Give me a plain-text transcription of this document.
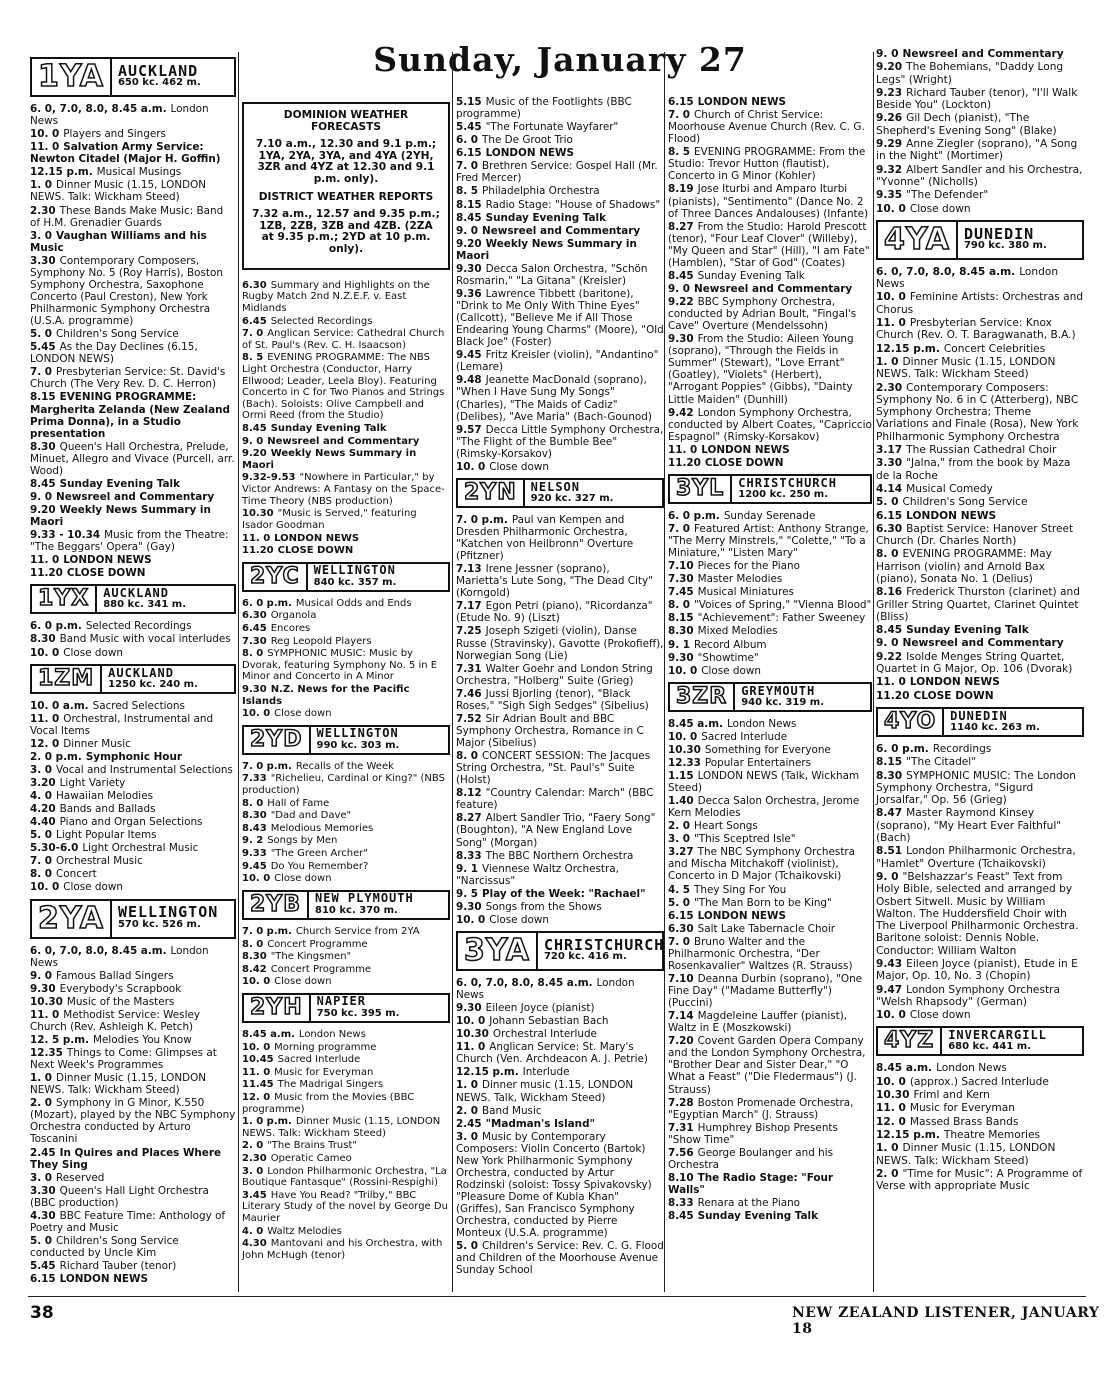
Sunday, January 27
1YA AUCKLAND
650 kc. 462 m.
6. 0, 7.0, 8.0, 8.45 a.m. London News
10. 0 Players and Singers
11. 0 Salvation Army Service: Newton Citadel (Major H. Goffin)
12.15 p.m. Musical Musings
1. 0 Dinner Music (1.15, LONDON NEWS. Talk: Wickham Steed)
2.30 These Bands Make Music: Band of H.M. Grenadier Guards
3. 0 Vaughan Williams and his Music
3.30 Contemporary Composers, Symphony No. 5 (Roy Harris), Boston Symphony Orchestra, Saxophone Concerto (Paul Creston), New York Philharmonic Symphony Orchestra (U.S.A. programme)
5. 0 Children's Song Service
5.45 As the Day Declines (6.15, LONDON NEWS)
7. 0 Presbyterian Service: St. David's Church (The Very Rev. D. C. Herron)
8.15 EVENING PROGRAMME: Margherita Zelanda (New Zealand Prima Donna), in a Studio presentation
8.30 Queen's Hall Orchestra, Prelude, Minuet, Allegro and Vivace (Purcell, arr. Wood)
8.45 Sunday Evening Talk
9. 0 Newsreel and Commentary
9.20 Weekly News Summary in Maori
9.33 - 10.34 Music from the Theatre: "The Beggars' Opera" (Gay)
11. 0 LONDON NEWS
11.20 CLOSE DOWN
1YX	AUCKLAND
880 kc. 341 m.
6. 0 p.m. Selected Recordings
8.30 Band Music with vocal interludes
10. 0 Close down
1ZM	AUCKLAND
1250 kc. 240 m.
10. 0 a.m. Sacred Selections
11. 0 Orchestral, Instrumental and Vocal Items
12. 0 Dinner Music
2. 0 p.m. Symphonic Hour
3. 0 Vocal and Instrumental Selections
3.20 Light Variety
4. 0 Hawaiian Melodies
4.20 Bands and Ballads
4.40 Piano and Organ Selections
5. 0 Light Popular Items
5.30-6.0 Light Orchestral Music
7. 0 Orchestral Music
8. 0 Concert
10. 0 Close down
2YA WELLINGTON
570 kc. 526 m.
6. 0, 7.0, 8.0, 8.45 a.m. London News
9. 0 Famous Ballad Singers
9.30 Everybody's Scrapbook
10.30 Music of the Masters
11. 0 Methodist Service: Wesley Church (Rev. Ashleigh K. Petch)
12. 5 p.m. Melodies You Know
12.35 Things to Come: Glimpses at Next Week's Programmes
1. 0 Dinner Music (1.15, LONDON NEWS. Talk: Wickham Steed)
2. 0 Symphony in G Minor, K.550 (Mozart), played by the NBC Symphony Orchestra conducted by Arturo Toscanini
2.45 In Quires and Places Where They Sing
3. 0 Reserved
3.30 Queen's Hall Light Orchestra (BBC production)
4.30 BBC Feature Time: Anthology of Poetry and Music
5. 0 Children's Song Service conducted by Uncle Kim
5.45 Richard Tauber (tenor)
6.15 LONDON NEWS

DOMINION WEATHER FORECASTS

7.10 a.m., 12.30 and 9.1 p.m.; 1YA, 2YA, 3YA, and 4YA (2YH, 3ZR and 4YZ at 12.30 and 9.1 p.m. only).

DISTRICT WEATHER REPORTS

7.32 a.m., 12.57 and 9.35 p.m.; 1ZB, 2ZB, 3ZB and 4ZB. (2ZA at 9.35 p.m.; 2YD at 10 p.m. only).

6.30 Summary and Highlights on the Rugby Match 2nd N.Z.E.F. v. East Midlands
6.45 Selected Recordings
7. 0 Anglican Service: Cathedral Church of St. Paul's (Rev. C. H. Isaacson)
8. 5 EVENING PROGRAMME: The NBS Light Orchestra (Conductor, Harry Ellwood; Leader, Leela Bloy). Featuring Concerto in C for Two Pianos and Strings (Bach). Soloists: Olive Campbell and Ormi Reed (from the Studio)
8.45 Sunday Evening Talk
9. 0 Newsreel and Commentary
9.20 Weekly News Summary in Maori
9.32-9.53 "Nowhere in Particular," by Victor Andrews: A Fantasy on the Space-Time Theory (NBS production)
10.30 "Music is Served," featuring Isador Goodman
11. 0 LONDON NEWS
11.20 CLOSE DOWN
2YC	WELLINGTON
840 kc. 357 m.
6. 0 p.m. Musical Odds and Ends
6.30 Organola
6.45 Encores
7.30 Reg Leopold Players
8. 0 SYMPHONIC MUSIC: Music by Dvorak, featuring Symphony No. 5 in E Minor and Concerto in A Minor
9.30 N.Z. News for the Pacific Islands
10. 0 Close down
2YD	WELLINGTON
990 kc. 303 m.
7. 0 p.m. Recalls of the Week
7.33 "Richelieu, Cardinal or King?" (NBS production)
8. 0 Hall of Fame
8.30 "Dad and Dave"
8.43 Melodious Memories
9. 2 Songs by Men
9.33 "The Green Archer"
9.45 Do You Remember?
10. 0 Close down
2YB	NEW PLYMOUTH
810 kc. 370 m.
7. 0 p.m. Church Service from 2YA
8. 0 Concert Programme
8.30 "The Kingsmen"
8.42 Concert Programme
10. 0 Close down
2YH	NAPIER
750 kc. 395 m.
8.45 a.m. London News
10. 0 Morning programme
10.45 Sacred Interlude
11. 0 Music for Everyman
11.45 The Madrigal Singers
12. 0 Music from the Movies (BBC programme)
1. 0 p.m. Dinner Music (1.15, LONDON NEWS. Talk: Wickham Steed)
2. 0 "The Brains Trust"
2.30 Operatic Cameo
3. 0 London Philharmonic Orchestra, "La Boutique Fantasque" (Rossini-Respighi)
3.45 Have You Read? "Trilby," BBC Literary Study of the novel by George Du Maurier
4. 0 Waltz Melodies
4.30 Mantovani and his Orchestra, with John McHugh (tenor)
5.15 Music of the Footlights (BBC programme)
5.45 "The Fortunate Wayfarer"
6. 0 The De Groot Trio
6.15 LONDON NEWS
7. 0 Brethren Service: Gospel Hall (Mr. Fred Mercer)
8. 5 Philadelphia Orchestra
8.15 Radio Stage: "House of Shadows"
8.45 Sunday Evening Talk
9. 0 Newsreel and Commentary
9.20 Weekly News Summary in Maori
9.30 Decca Salon Orchestra, "Schön Rosmarin," "La Gitana" (Kreisler)
9.36 Lawrence Tibbett (baritone), "Drink to Me Only With Thine Eyes" (Callcott), "Believe Me if All Those Endearing Young Charms" (Moore), "Old Black Joe" (Foster)
9.45 Fritz Kreisler (violin), "Andantino" (Lemare)
9.48 Jeanette MacDonald (soprano), "When I Have Sung My Songs" (Charles), "The Maids of Cadiz" (Delibes), "Ave Maria" (Bach-Gounod)
9.57 Decca Little Symphony Orchestra, "The Flight of the Bumble Bee" (Rimsky-Korsakov)
10. 0 Close down
2YN	NELSON
920 kc. 327 m.
7. 0 p.m. Paul van Kempen and Dresden Philharmonic Orchestra, "Katchen von Heilbronn" Overture (Pfitzner)
7.13 Irene Jessner (soprano), Marietta's Lute Song, "The Dead City" (Korngold)
7.17 Egon Petri (piano), "Ricordanza" (Etude No. 9) (Liszt)
7.25 Joseph Szigeti (violin), Danse Russe (Stravinsky), Gavotte (Prokofieff), Norwegian Song (Lie)
7.31 Walter Goehr and London String Orchestra, "Holberg" Suite (Grieg)
7.46 Jussi Bjorling (tenor), "Black Roses," "Sigh Sigh Sedges" (Sibelius)
7.52 Sir Adrian Boult and BBC Symphony Orchestra, Romance in C Major (Sibelius)
8. 0 CONCERT SESSION: The Jacques String Orchestra, "St. Paul's" Suite (Holst)
8.12 "Country Calendar: March" (BBC feature)
8.27 Albert Sandler Trio, "Faery Song" (Boughton), "A New England Love Song" (Morgan)
8.33 The BBC Northern Orchestra
9. 1 Viennese Waltz Orchestra, "Narcissus"
9. 5 Play of the Week: "Rachael"
9.30 Songs from the Shows
10. 0 Close down
3YA CHRISTCHURCH
720 kc. 416 m.
6. 0, 7.0, 8.0, 8.45 a.m. London News
9.30 Eileen Joyce (pianist)
10. 0 Johann Sebastian Bach
10.30 Orchestral Interlude
11. 0 Anglican Service: St. Mary's Church (Ven. Archdeacon A. J. Petrie)
12.15 p.m. Interlude
1. 0 Dinner music (1.15, LONDON NEWS. Talk, Wickham Steed)
2. 0 Band Music
2.45 "Madman's Island"
3. 0 Music by Contemporary Composers: Violin Concerto (Bartok) New York Philharmonic Symphony Orchestra, conducted by Artur Rodzinski (soloist: Tossy Spivakovsky) "Pleasure Dome of Kubla Khan" (Griffes), San Francisco Symphony Orchestra, conducted by Pierre Monteux (U.S.A. programme)
5. 0 Children's Service: Rev. C. G. Flood and Children of the Moorhouse Avenue Sunday School
6.15 LONDON NEWS
7. 0 Church of Christ Service: Moorhouse Avenue Church (Rev. C. G. Flood)
8. 5 EVENING PROGRAMME: From the Studio: Trevor Hutton (flautist), Concerto in G Minor (Kohler)
8.19 Jose Iturbi and Amparo Iturbi (pianists), "Sentimento" (Dance No. 2 of Three Dances Andalouses) (Infante)
8.27 From the Studio: Harold Prescott (tenor), "Four Leaf Clover" (Willeby), "My Queen and Star" (Hill), "I am Fate" (Hamblen), "Star of God" (Coates)
8.45 Sunday Evening Talk
9. 0 Newsreel and Commentary
9.22 BBC Symphony Orchestra, conducted by Adrian Boult, "Fingal's Cave" Overture (Mendelssohn)
9.30 From the Studio: Aileen Young (soprano), "Through the Fields in Summer" (Stewart), "Love Errant" (Goatley), "Violets" (Herbert), "Arrogant Poppies" (Gibbs), "Dainty Little Maiden" (Dunhill)
9.42 London Symphony Orchestra, conducted by Albert Coates, "Capriccio Espagnol" (Rimsky-Korsakov)
11. 0 LONDON NEWS
11.20 CLOSE DOWN
3YL	CHRISTCHURCH
1200 kc. 250 m.
6. 0 p.m. Sunday Serenade
7. 0 Featured Artist: Anthony Strange, "The Merry Minstrels," "Colette," "To a Miniature," "Listen Mary"
7.10 Pieces for the Piano
7.30 Master Melodies
7.45 Musical Miniatures
8. 0 "Voices of Spring," "Vienna Blood"
8.15 "Achievement": Father Sweeney
8.30 Mixed Melodies
9. 1 Record Album
9.30 "Showtime"
10. 0 Close down
3ZR	GREYMOUTH
940 kc. 319 m.
8.45 a.m. London News
10. 0 Sacred Interlude
10.30 Something for Everyone
12.33 Popular Entertainers
1.15 LONDON NEWS (Talk, Wickham Steed)
1.40 Decca Salon Orchestra, Jerome Kern Melodies
2. 0 Heart Songs
3. 0 "This Sceptred Isle"
3.27 The NBC Symphony Orchestra and Mischa Mitchakoff (violinist), Concerto in D Major (Tchaikovski)
4. 5 They Sing For You
5. 0 "The Man Born to be King"
6.15 LONDON NEWS
6.30 Salt Lake Tabernacle Choir
7. 0 Bruno Walter and the Philharmonic Orchestra, "Der Rosenkavalier" Waltzes (R. Strauss)
7.10 Deanna Durbin (soprano), "One Fine Day" ("Madame Butterfly") (Puccini)
7.14 Magdeleine Lauffer (pianist), Waltz in E (Moszkowski)
7.20 Covent Garden Opera Company and the London Symphony Orchestra, "Brother Dear and Sister Dear," "O What a Feast" ("Die Fledermaus") (J. Strauss)
7.28 Boston Promenade Orchestra, "Egyptian March" (J. Strauss)
7.31 Humphrey Bishop Presents "Show Time"
7.56 George Boulanger and his Orchestra
8.10 The Radio Stage: "Four Walls"
8.33 Renara at the Piano
8.45 Sunday Evening Talk
9. 0 Newsreel and Commentary
9.20 The Bohemians, "Daddy Long Legs" (Wright)
9.23 Richard Tauber (tenor), "I'll Walk Beside You" (Lockton)
9.26 Gil Dech (pianist), "The Shepherd's Evening Song" (Blake)
9.29 Anne Ziegler (soprano), "A Song in the Night" (Mortimer)
9.32 Albert Sandler and his Orchestra, "Yvonne" (Nicholls)
9.35 "The Defender"
10. 0 Close down
4YA DUNEDIN
790 kc. 380 m.
6. 0, 7.0, 8.0, 8.45 a.m. London News
10. 0 Feminine Artists: Orchestras and Chorus
11. 0 Presbyterian Service: Knox Church (Rev. O. T. Baragwanath, B.A.)
12.15 p.m. Concert Celebrities
1. 0 Dinner Music (1.15, LONDON NEWS. Talk: Wickham Steed)
2.30 Contemporary Composers: Symphony No. 6 in C (Atterberg), NBC Symphony Orchestra; Theme Variations and Finale (Rosa), New York Philharmonic Symphony Orchestra
3.17 The Russian Cathedral Choir
3.30 "Jalna," from the book by Maza de la Roche
4.14 Musical Comedy
5. 0 Children's Song Service
6.15 LONDON NEWS
6.30 Baptist Service: Hanover Street Church (Dr. Charles North)
8. 0 EVENING PROGRAMME: May Harrison (violin) and Arnold Bax (piano), Sonata No. 1 (Delius)
8.16 Frederick Thurston (clarinet) and Griller String Quartet, Clarinet Quintet (Bliss)
8.45 Sunday Evening Talk
9. 0 Newsreel and Commentary
9.22 Isolde Menges String Quartet, Quartet in G Major, Op. 106 (Dvorak)
11. 0 LONDON NEWS
11.20 CLOSE DOWN
4YO	DUNEDIN
1140 kc. 263 m.
6. 0 p.m. Recordings
8.15 "The Citadel"
8.30 SYMPHONIC MUSIC: The London Symphony Orchestra, "Sigurd Jorsalfar," Op. 56 (Grieg)
8.47 Master Raymond Kinsey (soprano), "My Heart Ever Faithful" (Bach)
8.51 London Philharmonic Orchestra, "Hamlet" Overture (Tchaikovski)
9. 0 "Belshazzar's Feast" Text from Holy Bible, selected and arranged by Osbert Sitwell. Music by William Walton. The Huddersfield Choir with The Liverpool Philharmonic Orchestra. Baritone soloist: Dennis Noble. Conductor: William Walton
9.43 Eileen Joyce (pianist), Etude in E Major, Op. 10, No. 3 (Chopin)
9.47 London Symphony Orchestra "Welsh Rhapsody" (German)
10. 0 Close down
4YZ	INVERCARGILL
680 kc. 441 m.
8.45 a.m. London News
10. 0 (approx.) Sacred Interlude
10.30 Friml and Kern
11. 0 Music for Everyman
12. 0 Massed Brass Bands
12.15 p.m. Theatre Memories
1. 0 Dinner Music (1.15, LONDON NEWS. Talk: Wickham Steed)
2. 0 "Time for Music": A Programme of Verse with appropriate Music
38	NEW ZEALAND LISTENER, JANUARY 18
